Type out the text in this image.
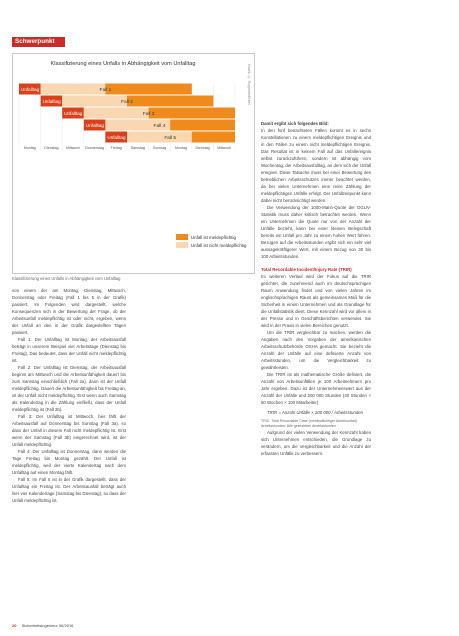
Schwerpunkt
Klassifizierung eines Unfalls in Abhängigkeit vom Unfalltag	Grafik: © Rupperts/Erbel
Unfalltag	Fall 1
Unfalltag	Fall 2
Unfalltag	Fall 3
Unfalltag	Fall 4
Unfalltag	Fall 5
Montag Dienstag Mittwoch Donnerstag Freitag Samstag Sonntag Montag Dienstag Mittwoch
Unfall ist meldepflichtig
Unfall ist nicht meldepflichtig
Klassifizierung eines Unfalls in Abhängigkeit vom Unfalltag

von einem der am Montag, Dienstag, Mittwoch, Donnerstag oder Freitag (Fall 1 bis 5 in der Grafik) passiert. Im Folgenden wird dargestellt, welche Konsequenzen sich in der Bewertung der Frage, ob der Arbeitsunfall meldepflichtig ist oder nicht, ergeben, wenn der Unfall an den in der Grafik dargestellten Tagen passiert.

Fall 1: Der Unfalltag ist Montag, der Arbeitsausfall beträgt in unserem Beispiel vier Arbeitstage (Dienstag bis Freitag). Das bedeutet, dass der Unfall nicht meldepflichtig ist.

Fall 2: Der Unfalltag ist Dienstag, der Arbeitsausfall beginnt am Mittwoch und die Arbeitsunfähigkeit dauert bis zum Samstag einschließlich (Fall 2a), dann ist der Unfall meldepflichtig. Dauert die Arbeitsunfähigkeit bis Freitag an, ist der Unfall nicht meldepflichtig. Erst wenn auch Samstag als Kalendertag in die Zählung einfließt, dass der Unfall meldepflichtig ist (Fall 2b).

Fall 3: Der Unfalltag ist Mittwoch, hier fällt der Arbeitsausfall auf Donnerstag bis Sonntag (Fall 3a), so dass der Unfall in diesem Fall nicht meldepflichtig ist. Erst wenn der Samstag (Fall 3b) eingerechnet wird, ist der Unfall meldepflichtig.

Fall 4: Der Unfalltag ist Donnerstag, dann werden die Tage Freitag bis Montag gezählt. Der Unfall ist meldepflichtig, weil der vierte Kalendertag nach dem Unfalltag auf einen Montag fällt.

Fall 5: Im Fall 5 ist in der Grafik dargestellt, dass der Unfalltag ein Freitag ist. Der Arbeitsausfall beträgt auch hier vier Kalendertage (Samstag bis Dienstag), so dass der Unfall meldepflichtig ist.

Damit ergibt sich folgendes Bild:

In den fünf betrachteten Fällen kommt es in sechs Konstellationen zu einem meldepflichtigen Ereignis und in den Fällen zu einem nicht meldepflichtigen Ereignis. Das Resultat ist in keinem Fall auf das Unfallereignis selbst zurückzuführen, sondern ist abhängig vom Wochentag, der Arbeitsausfalltag, an dem sich der Unfall ereignet. Diese Tatsache muss bei einer Bewertung des betrieblichen Arbeitsschutzes immer beachtet werden, da bei vielen Unternehmen eine reine Zählung der meldepflichtigen Unfälle erfolgt. Der Unfallzeitpunkt kann dabei nicht berücksichtigt werden.

Die Verwendung der 1000-Mann-Quote der DGUV-Statistik muss daher kritisch betrachtet werden. Wenn ein Unternehmen die Quote nur von der Anzahl der Unfälle bezieht, kann bei einer kleinen Belegschaft bereits ein Unfall pro Jahr zu einem hohen Wert führen. Bezogen auf die Arbeitsstunden ergibt sich ein sehr viel aussagekräftigerer Wert, mit einem Bezug von 30 bis 100 Arbeitsstunden.

Total Recordable Incident/Injury Rate (TRIR)

Im weiteren Verlauf wird der Fokus auf die TRIR gerichtet, die zunehmend auch im deutschsprachigen Raum Anwendung findet und von vielen Jahren im englischsprachigen Raum als gemeinsames Maß für die Sicherheit in einem Unternehmen und als Grundlage für die Unfallstatistik dient. Diese Kennzahl wird vor allem in der Presse und in Geschäftsberichten verwendet. Sie wird in der Praxis in vielen Bereichen genutzt.

Um die TRIR vergleichbar zu machen, werden die Angaben nach den Vorgaben der amerikanischen Arbeitsschutzbehörde OSHA gemacht. Sie bezieht die Anzahl der Unfälle auf eine definierte Anzahl von Arbeitsstunden, um die Vergleichbarkeit zu gewährleisten.

Die TRIR ist als mathematische Größe definiert, die Anzahl von Arbeitsunfällen je 100 Arbeitnehmern pro Jahr ergeben. Dazu ist der Unternehmenswert aus der Anzahl der Unfälle und 200 000 Stunden (40 Stunden × 50 Wochen × 100 Mitarbeiter).

TRIR = Anzahl Unfälle × 200 000 / Arbeitsstunden

TRIC: Total Recordable Case (meldepflichtiger Arbeitsunfall)

Arbeitsstunden: Alle geleisteten Arbeitsstunden

Aufgrund der vielen Verwendung der Kennzahl haben sich Unternehmen entschieden, die Grundlage zu verändern, um die Vergleichbarkeit und die Anzahl der erfassten Unfälle zu verbessern.

20 Sicherheitsingenieur 06/2016
